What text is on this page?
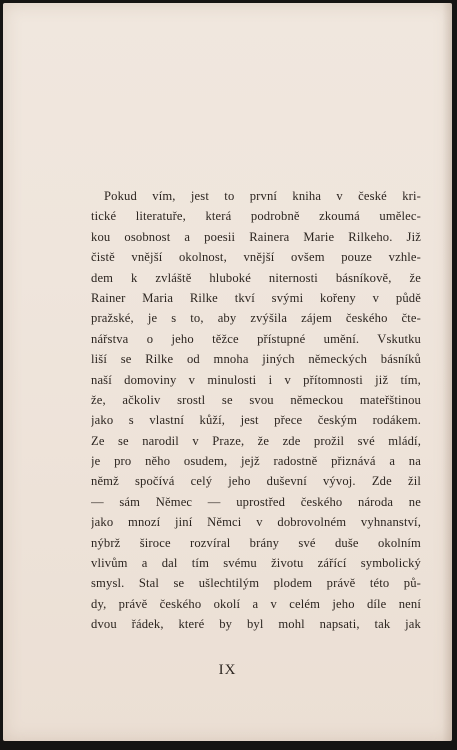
Pokud vím, jest to první kniha v české kri-
tické literatuře, která podrobně zkoumá umělec-
kou osobnost a poesii Rainera Marie Rilkeho. Již
čistě vnější okolnost, vnější ovšem pouze vzhle-
dem k zvláště hluboké niternosti básníkově, že
Rainer Maria Rilke tkví svými kořeny v půdě
pražské, je s to, aby zvýšila zájem českého čte-
nářstva o jeho těžce přístupné umění. Vskutku
liší se Rilke od mnoha jiných německých básníků
naší domoviny v minulosti i v přítomnosti již tím,
že, ačkoliv srostl se svou německou mateřštinou
jako s vlastní kůží, jest přece českým rodákem.
Ze se narodil v Praze, že zde prožil své mládí,
je pro něho osudem, jejž radostně přiznává a na
němž spočívá celý jeho duševní vývoj. Zde žil
— sám Němec — uprostřed českého národa ne
jako mnozí jiní Němci v dobrovolném vyhnanství,
nýbrž široce rozvíral brány své duše okolním
vlivům a dal tím svému životu zářící symbolický
smysl. Stal se ušlechtilým plodem právě této pů-
dy, právě českého okolí a v celém jeho díle není
dvou řádek, které by byl mohl napsati, tak jak
IX
